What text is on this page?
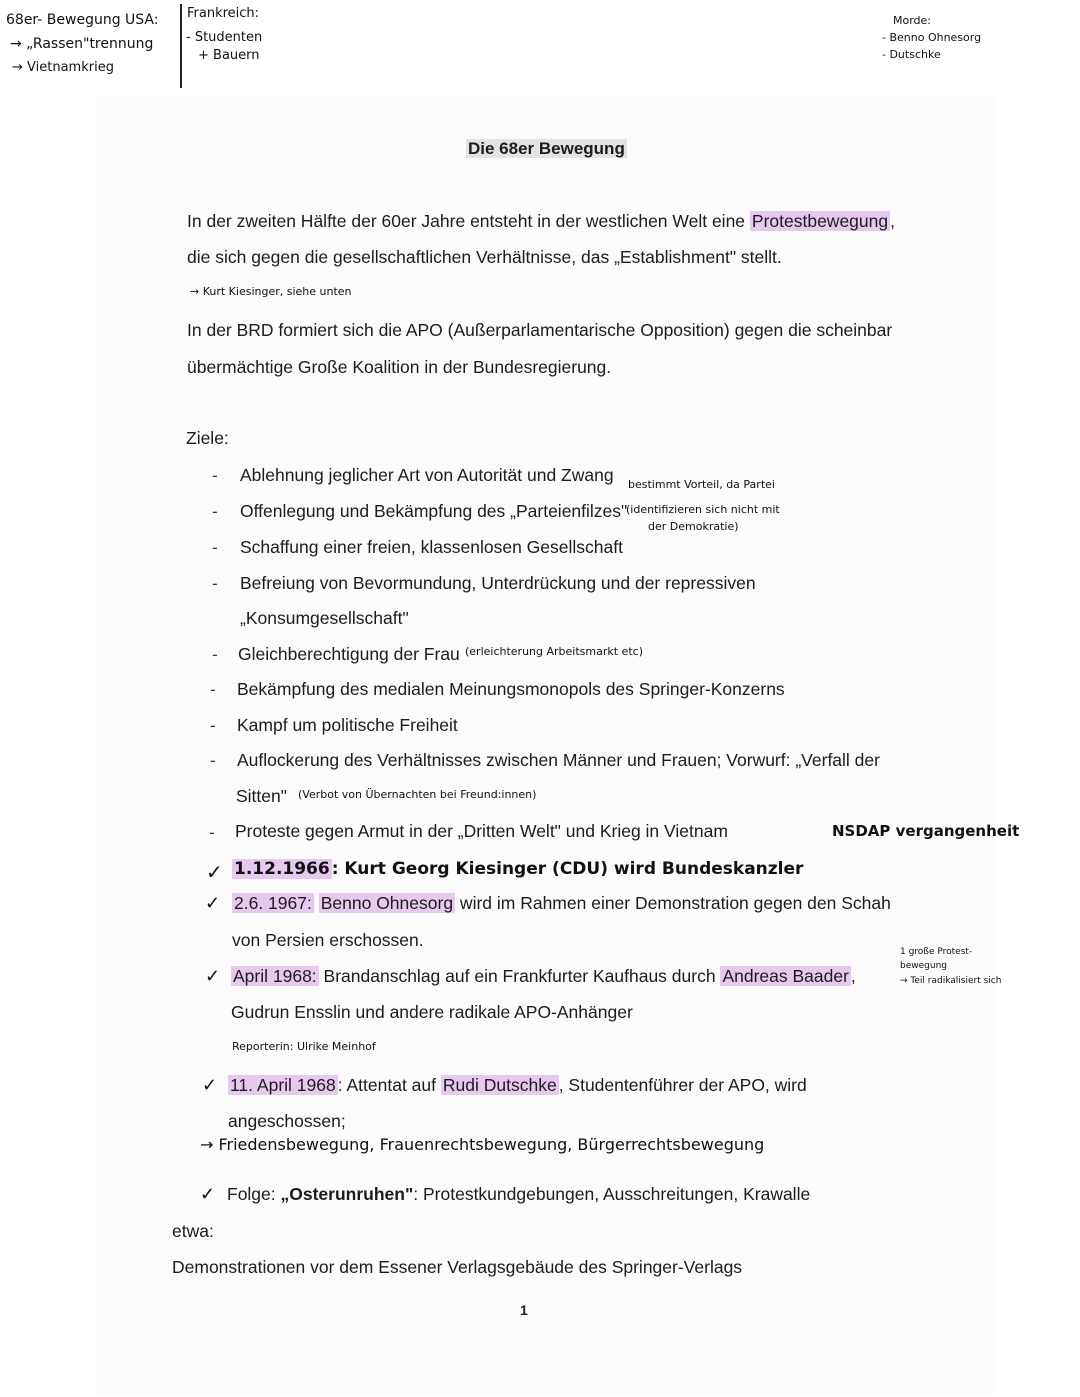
68er- Bewegung USA:
→ „Rassen"trennung
→ Vietnamkrieg
Frankreich:
- Studenten
+ Bauern
Morde:
- Benno Ohnesorg
- Dutschke
Die 68er Bewegung
In der zweiten Hälfte der 60er Jahre entsteht in der westlichen Welt eine Protestbewegung ,
die sich gegen die gesellschaftlichen Verhältnisse, das „Establishment" stellt.
→ Kurt Kiesinger, siehe unten
In der BRD formiert sich die APO (Außerparlamentarische Opposition) gegen die scheinbar
übermächtige Große Koalition in der Bundesregierung.
Ziele:
- Ablehnung jeglicher Art von Autorität und Zwang
- Offenlegung und Bekämpfung des „Parteienfilzes"
bestimmt Vorteil, da Partei
(identifizieren sich nicht mit
der Demokratie)
- Schaffung einer freien, klassenlosen Gesellschaft
- Befreiung von Bevormundung, Unterdrückung und der repressiven
„Konsumgesellschaft"
- Gleichberechtigung der Frau (erleichterung Arbeitsmarkt etc)
- Bekämpfung des medialen Meinungsmonopols des Springer-Konzerns
- Kampf um politische Freiheit
- Auflockerung des Verhältnisses zwischen Männer und Frauen; Vorwurf: „Verfall der
Sitten" (Verbot von Übernachten bei Freund:innen)
- Proteste gegen Armut in der „Dritten Welt" und Krieg in Vietnam	NSDAP vergangenheit
✓ 1.12.1966 : Kurt Georg Kiesinger (CDU) wird Bundeskanzler
✓ 2.6. 1967: Benno Ohnesorg wird im Rahmen einer Demonstration gegen den Schah
von Persien erschossen.
✓ April 1968: Brandanschlag auf ein Frankfurter Kaufhaus durch Andreas Baader ,
Gudrun Ensslin und andere radikale APO-Anhänger
Reporterin: Ulrike Meinhof
1 große Protest-
bewegung
→ Teil radikalisiert sich
✓ 11. April 1968 : Attentat auf Rudi Dutschke , Studentenführer der APO, wird
angeschossen;
→ Friedensbewegung, Frauenrechtsbewegung, Bürgerrechtsbewegung
✓ Folge: „Osterunruhen": Protestkundgebungen, Ausschreitungen, Krawalle
etwa:
Demonstrationen vor dem Essener Verlagsgebäude des Springer-Verlags
1
